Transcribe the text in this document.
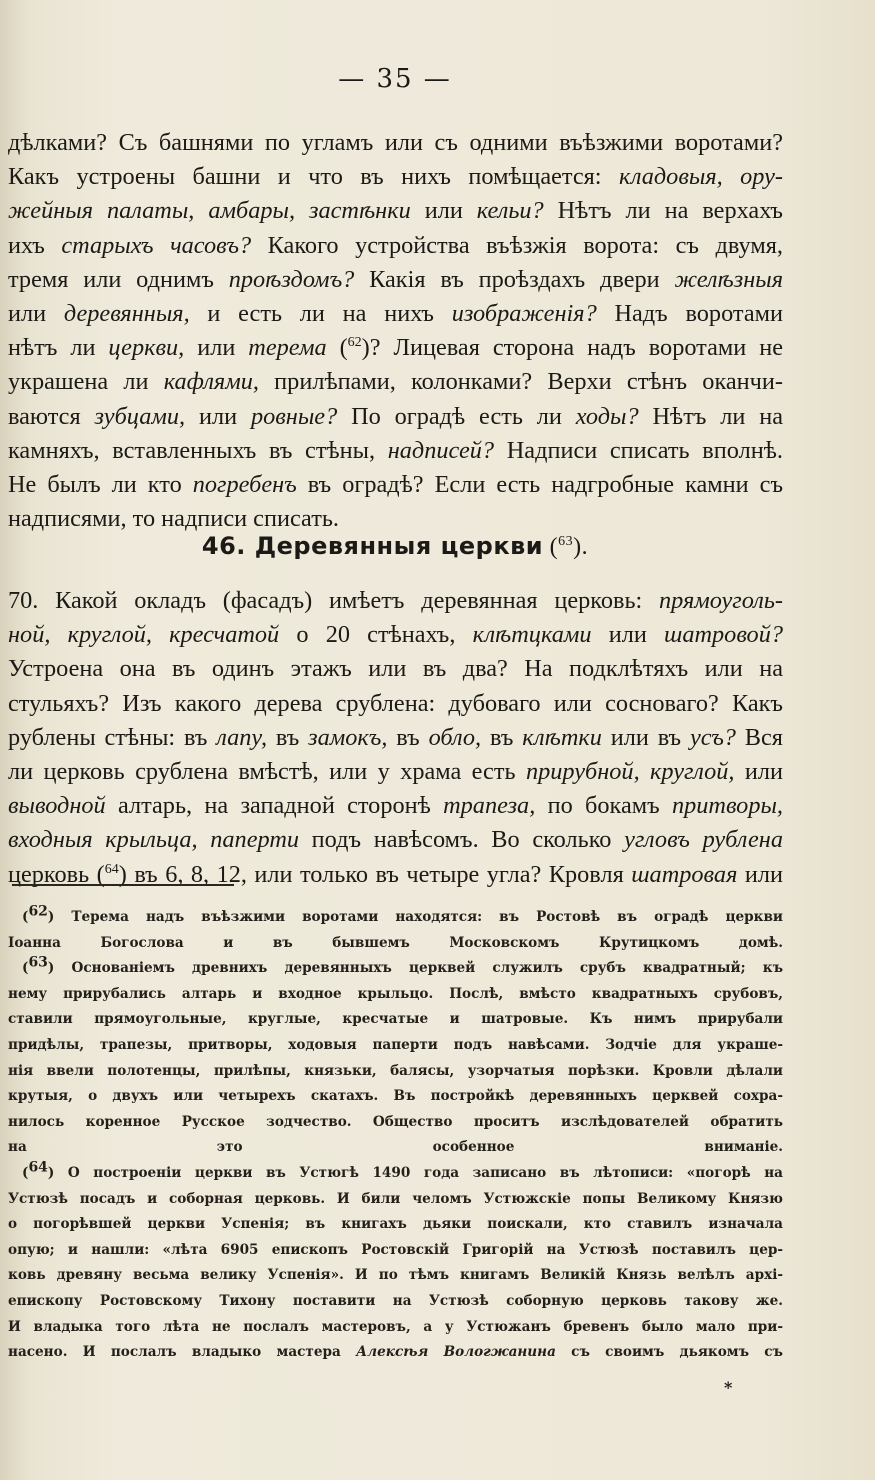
— 35 —
дѣлками? Съ башнями по угламъ или съ одними въѣзжими воротами?
Какъ устроены башни и что въ нихъ помѣщается: кладовыя, ору-
жейныя палаты, амбары, застѣнки или кельи? Нѣтъ ли на верхахъ
ихъ старыхъ часовъ? Какого устройства въѣзжія ворота: съ двумя,
тремя или однимъ проѣздомъ? Какія въ проѣздахъ двери желѣзныя
или деревянныя, и есть ли на нихъ изображенія? Надъ воротами
нѣтъ ли церкви, или терема ($^{62}$)? Лицевая сторона надъ воротами не
украшена ли кафлями, прилѣпами, колонками? Верхи стѣнъ оканчи-
ваются зубцами, или ровные? По оградѣ есть ли ходы? Нѣтъ ли на
камняхъ, вставленныхъ въ стѣны, надписей? Надписи списать вполнѣ.
Не былъ ли кто погребенъ въ оградѣ? Если есть надгробные камни съ
надписями, то надписи списать.
46. Деревянныя церкви ($^{63}$).
70. Какой окладъ (фасадъ) имѣетъ деревянная церковь: прямоуголь-
ной, круглой, кресчатой о 20 стѣнахъ, клѣтцками или шатровой?
Устроена она въ одинъ этажъ или въ два? На подклѣтяхъ или на
стульяхъ? Изъ какого дерева срублена: дубоваго или сосноваго? Какъ
рублены стѣны: въ лапу, въ замокъ, въ обло, въ клѣтки или въ усъ? Вся
ли церковь срублена вмѣстѣ, или у храма есть прирубной, круглой, или
выводной алтарь, на западной сторонѣ трапеза, по бокамъ притворы,
входныя крыльца, паперти подъ навѣсомъ. Во сколько угловъ рублена
церковь ($^{64}$) въ 6, 8, 12, или только въ четыре угла? Кровля шатровая или
(62) Терема надъ въѣзжими воротами находятся: въ Ростовѣ въ оградѣ церкви
Іоанна Богослова и въ бывшемъ Московскомъ Крутицкомъ домѣ.
(63) Основаніемъ древнихъ деревянныхъ церквей служилъ срубъ квадратный; къ
нему прирубались алтарь и входное крыльцо. Послѣ, вмѣсто квадратныхъ срубовъ,
ставили прямоугольные, круглые, кресчатые и шатровые. Къ нимъ прирубали
придѣлы, трапезы, притворы, ходовыя паперти подъ навѣсами. Зодчіе для украше-
нія ввели полотенцы, прилѣпы, князьки, балясы, узорчатыя порѣзки. Кровли дѣлали
крутыя, о двухъ или четырехъ скатахъ. Въ постройкѣ деревянныхъ церквей сохра-
нилось коренное Русское зодчество. Общество проситъ изслѣдователей обратить
на это особенное вниманіе.
(64) О построеніи церкви въ Устюгѣ 1490 года записано въ лѣтописи: «погорѣ на
Устюзѣ посадъ и соборная церковь. И били челомъ Устюжскіе попы Великому Князю
о погорѣвшей церкви Успенія; въ книгахъ дьяки поискали, кто ставилъ изначала
опую; и нашли: «лѣта 6905 епископъ Ростовскій Григорій на Устюзѣ поставилъ цер-
ковь древяну весьма велику Успенія». И по тѣмъ книгамъ Великій Князь велѣлъ архі-
епископу Ростовскому Тихону поставити на Устюзѣ соборную церковь такову же.
И владыка того лѣта не послалъ мастеровъ, а у Устюжанъ бревенъ было мало при-
насено. И послалъ владыко мастера Алексѣя Вологжанина съ своимъ дьякомъ съ
*
